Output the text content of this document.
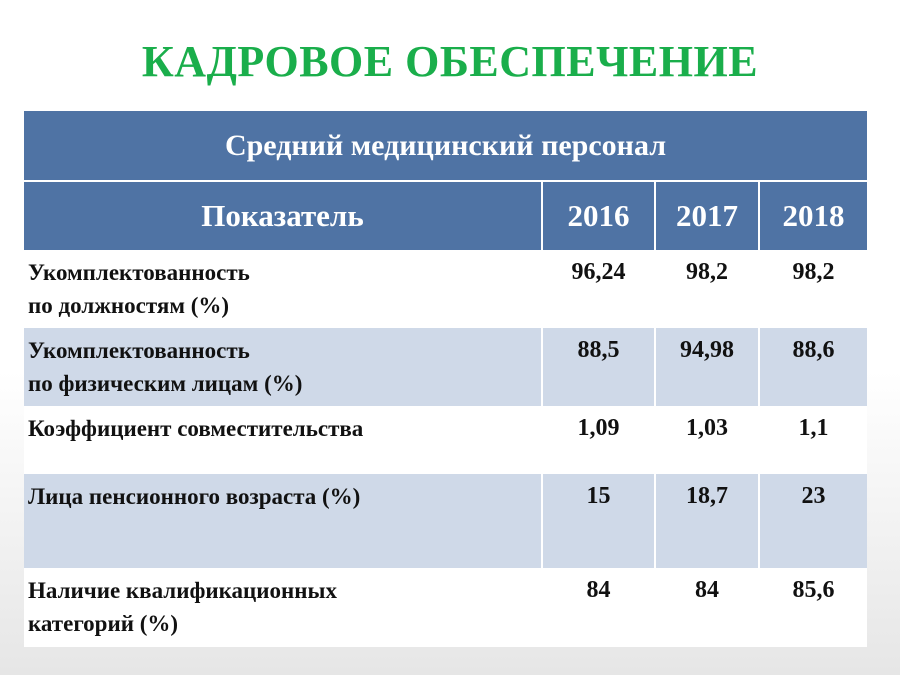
КАДРОВОЕ ОБЕСПЕЧЕНИЕ
Средний медицинский персонал			
Показатель	2016	2017	2018
Укомплектованность
по должностям (%)	96,24	98,2	98,2
Укомплектованность
по физическим лицам (%)	88,5	94,98	88,6
Коэффициент совместительства	1,09	1,03	1,1
Лица пенсионного возраста (%)	15	18,7	23
Наличие квалификационных
категорий (%)	84	84	85,6
